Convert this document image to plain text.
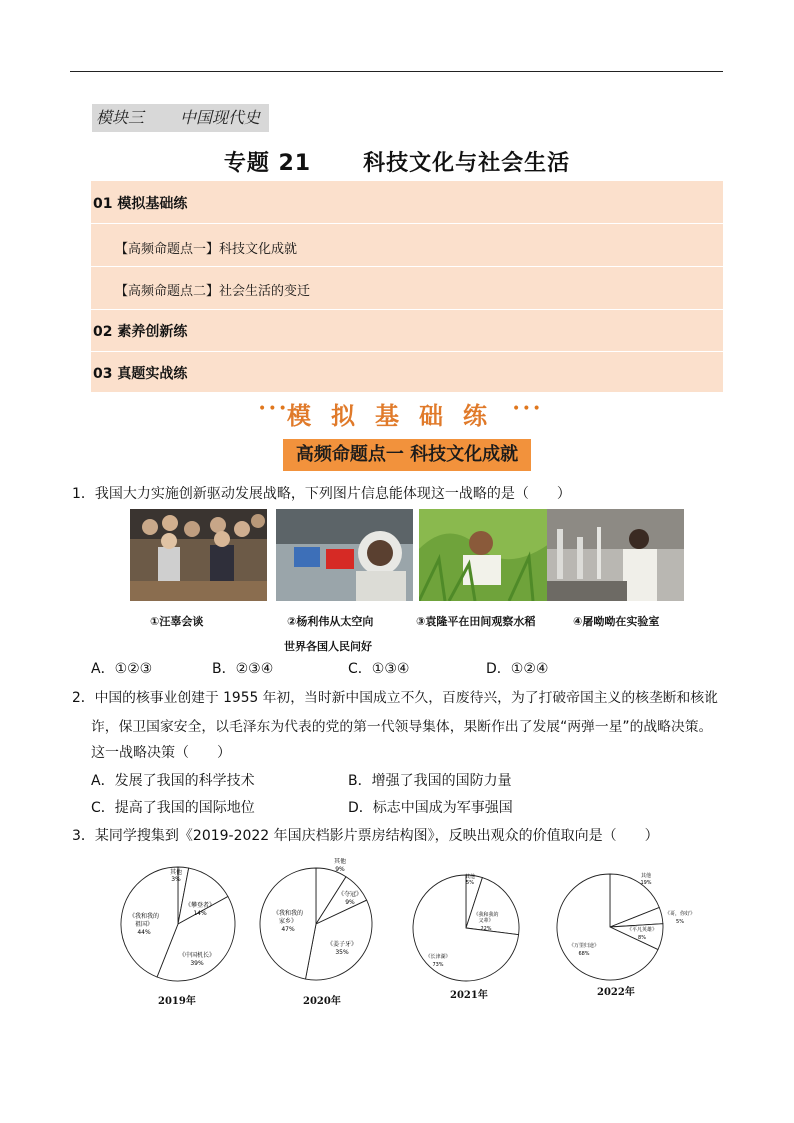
模块三 中国现代史
专题 21 科技文化与社会生活
01 模拟基础练
【高频命题点一】科技文化成就
【高频命题点二】社会生活的变迁
02 素养创新练
03 真题实战练
•••
模拟基础练 •••
高频命题点一 科技文化成就
1．我国大力实施创新驱动发展战略，下列图片信息能体现这一战略的是（　　）
①汪辜会谈	②杨利伟从太空向
世界各国人民问好
③袁隆平在田间观察水稻	④屠呦呦在实验室
A．①②③	B．②③④	C．①③④	D．①②④
2．中国的核事业创建于 1955 年初，当时新中国成立不久，百废待兴，为了打破帝国主义的核垄断和核讹
诈，保卫国家安全，以毛泽东为代表的党的第一代领导集体，果断作出了发展“两弹一星”的战略决策。
这一战略决策（　　）
A．发展了我国的科学技术	B．增强了我国的国防力量
C．提高了我国的国际地位	D．标志中国成为军事强国
3．某同学搜集到《2019-2022 年国庆档影片票房结构图》，反映出观众的价值取向是（　　）
其他
3%
《攀登者》
14%
《中国机长》
39%
《我和我的
祖国》
44%
2019年
其他
9%
《夺冠》
9%
《姜子牙》
35%
《我和我的
家乡》
47%
2020年
其他
5%
《我和我的
父辈》
22%
《长津湖》
73%
2021年
其他
19%
《哥，你好》
5%
《平凡英雄》
8%
《万里归途》
68%
2022年
